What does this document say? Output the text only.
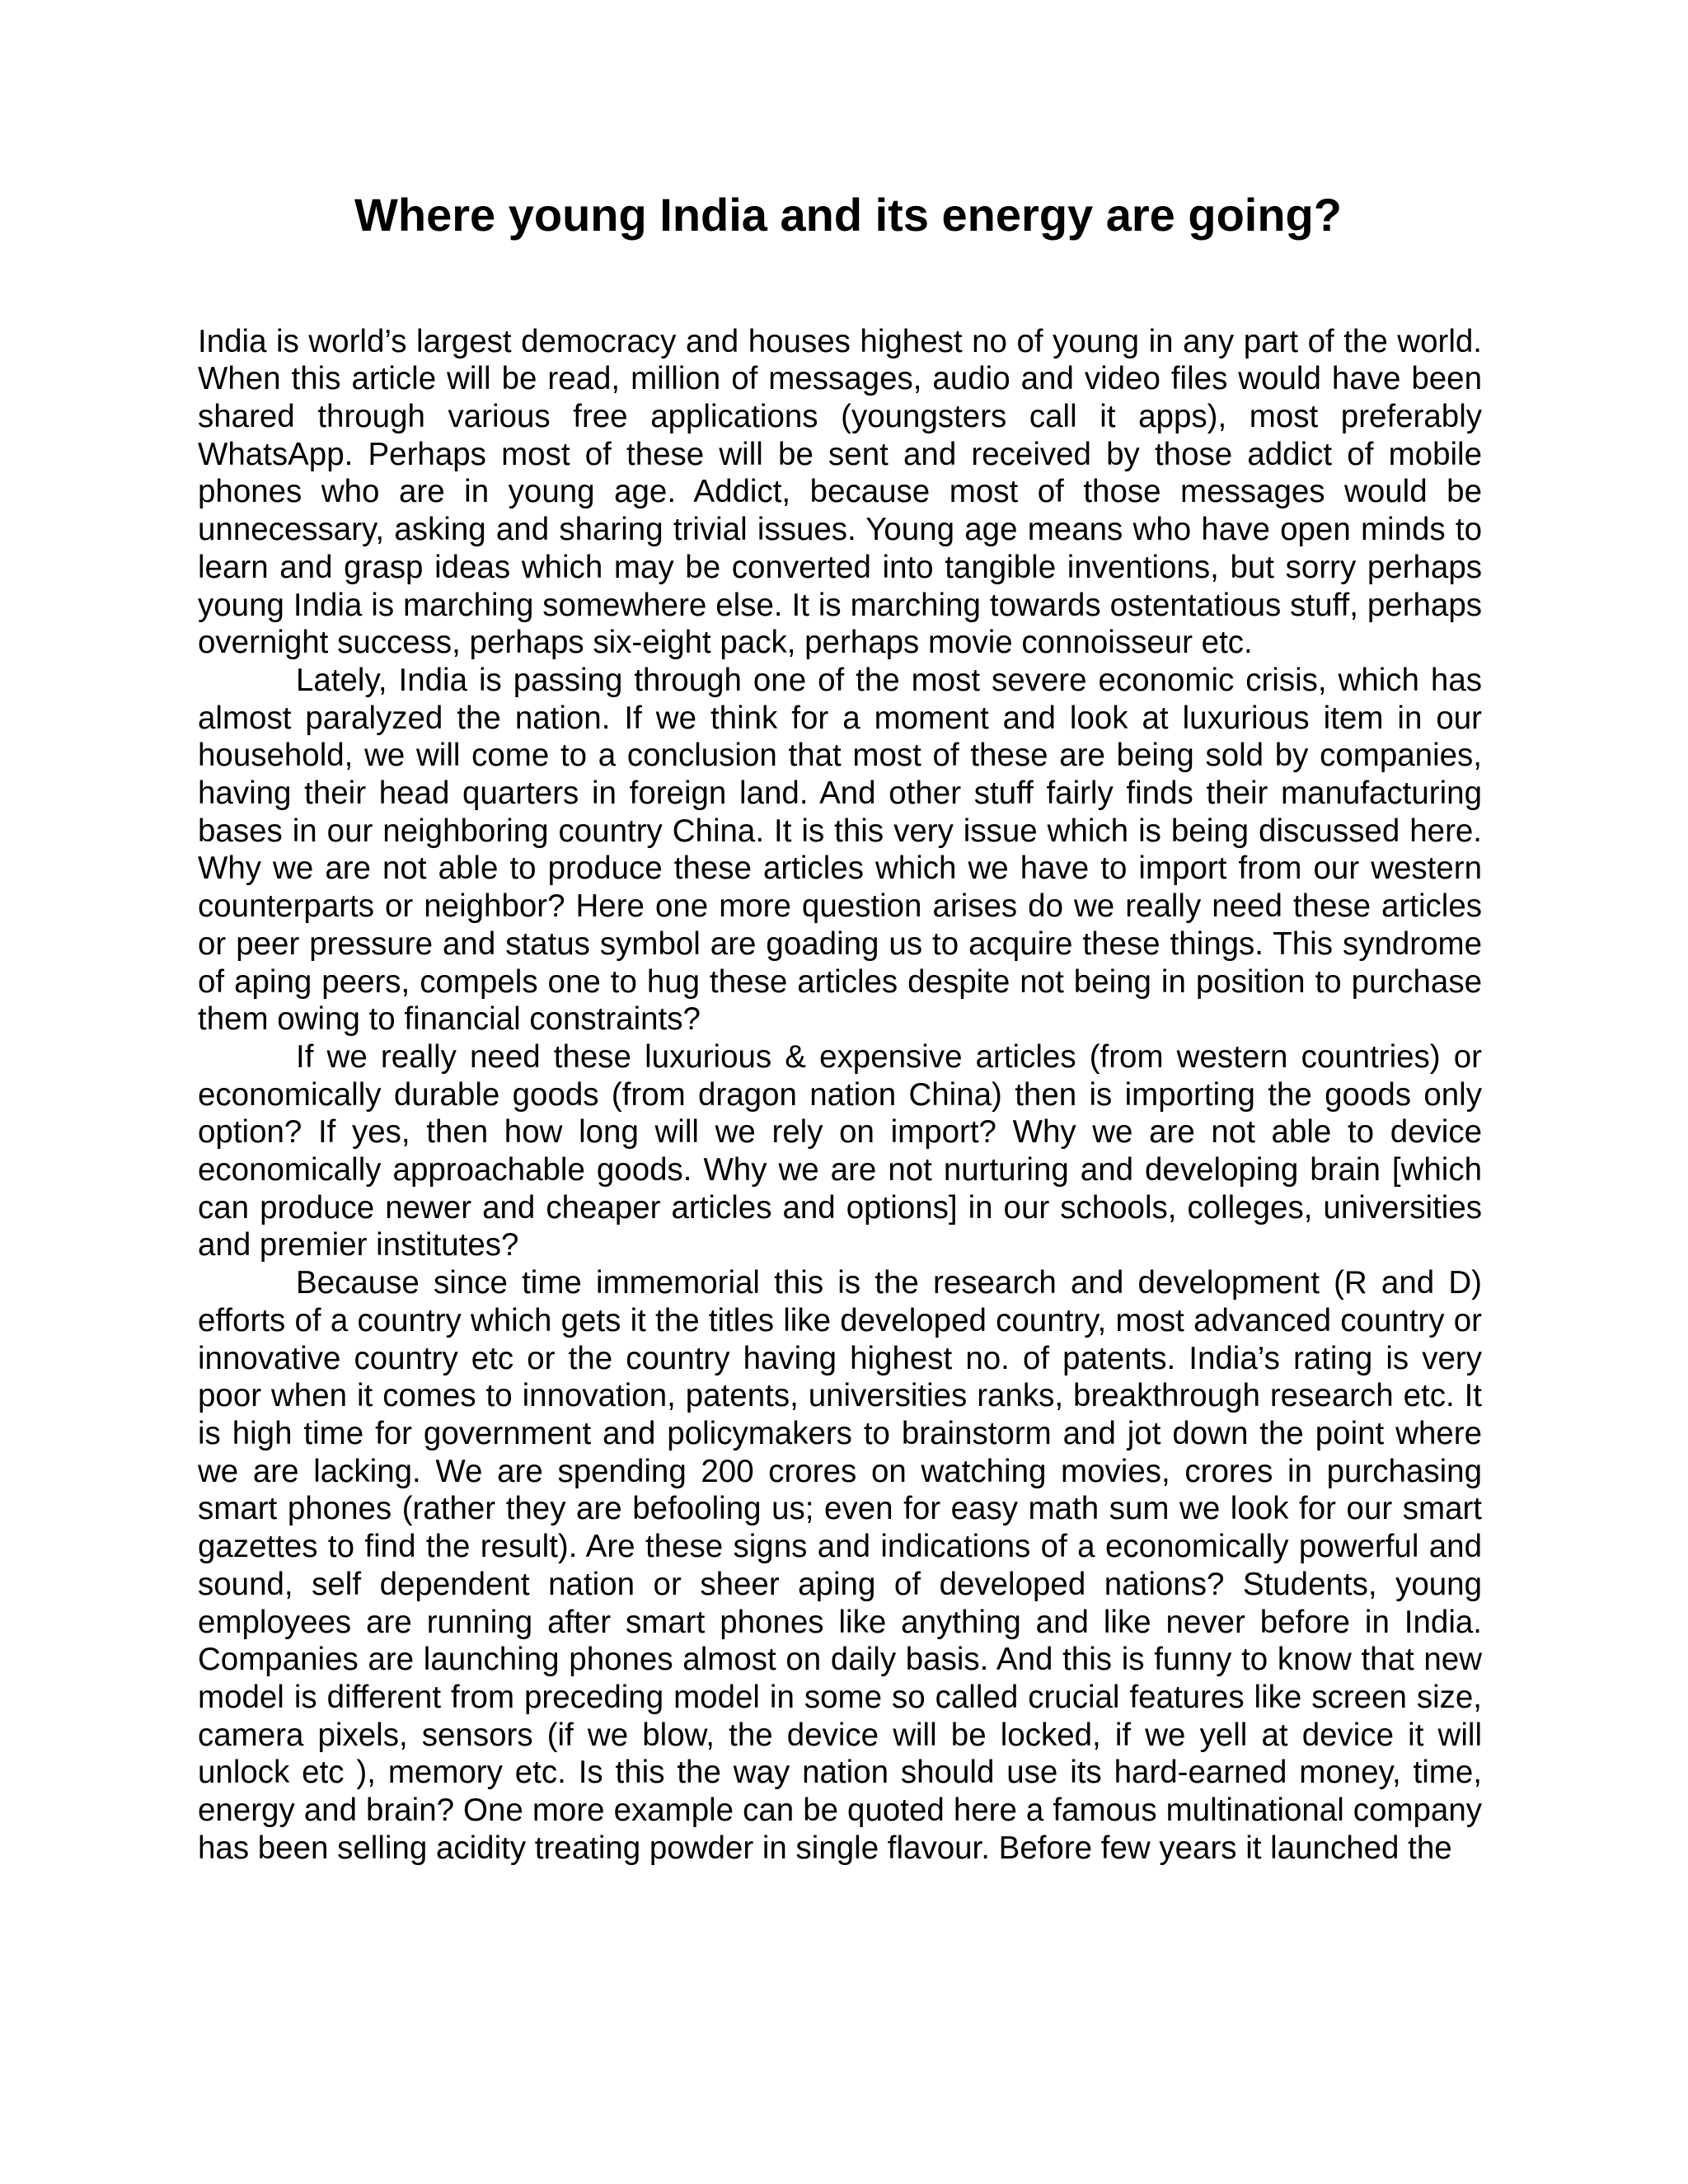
Where young India and its energy are going?

India is world’s largest democracy and houses highest no of young in any part of the world. When this article will be read, million of messages, audio and video files would have been shared through various free applications (youngsters call it apps), most preferably WhatsApp. Perhaps most of these will be sent and received by those addict of mobile phones who are in young age. Addict, because most of those messages would be unnecessary, asking and sharing trivial issues. Young age means who have open minds to learn and grasp ideas which may be converted into tangible inventions, but sorry perhaps young India is marching somewhere else. It is marching towards ostentatious stuff, perhaps overnight success, perhaps six-eight pack, perhaps movie connoisseur etc.

Lately, India is passing through one of the most severe economic crisis, which has almost paralyzed the nation. If we think for a moment and look at luxurious item in our household, we will come to a conclusion that most of these are being sold by companies, having their head quarters in foreign land. And other stuff fairly finds their manufacturing bases in our neighboring country China. It is this very issue which is being discussed here. Why we are not able to produce these articles which we have to import from our western counterparts or neighbor? Here one more question arises do we really need these articles or peer pressure and status symbol are goading us to acquire these things. This syndrome of aping peers, compels one to hug these articles despite not being in position to purchase them owing to financial constraints?

If we really need these luxurious & expensive articles (from western countries) or economically durable goods (from dragon nation China) then is importing the goods only option? If yes, then how long will we rely on import? Why we are not able to device economically approachable goods. Why we are not nurturing and developing brain [which can produce newer and cheaper articles and options] in our schools, colleges, universities and premier institutes?

Because since time immemorial this is the research and development (R and D) efforts of a country which gets it the titles like developed country, most advanced country or innovative country etc or the country having highest no. of patents. India’s rating is very poor when it comes to innovation, patents, universities ranks, breakthrough research etc. It is high time for government and policymakers to brainstorm and jot down the point where we are lacking. We are spending 200 crores on watching movies, crores in purchasing smart phones (rather they are befooling us; even for easy math sum we look for our smart gazettes to find the result). Are these signs and indications of a economically powerful and sound, self dependent nation or sheer aping of developed nations? Students, young employees are running after smart phones like anything and like never before in India. Companies are launching phones almost on daily basis. And this is funny to know that new model is different from preceding model in some so called crucial features like screen size, camera pixels, sensors (if we blow, the device will be locked, if we yell at device it will unlock etc ), memory etc. Is this the way nation should use its hard-earned money, time, energy and brain? One more example can be quoted here a famous multinational company has been selling acidity treating powder in single flavour. Before few years it launched the
